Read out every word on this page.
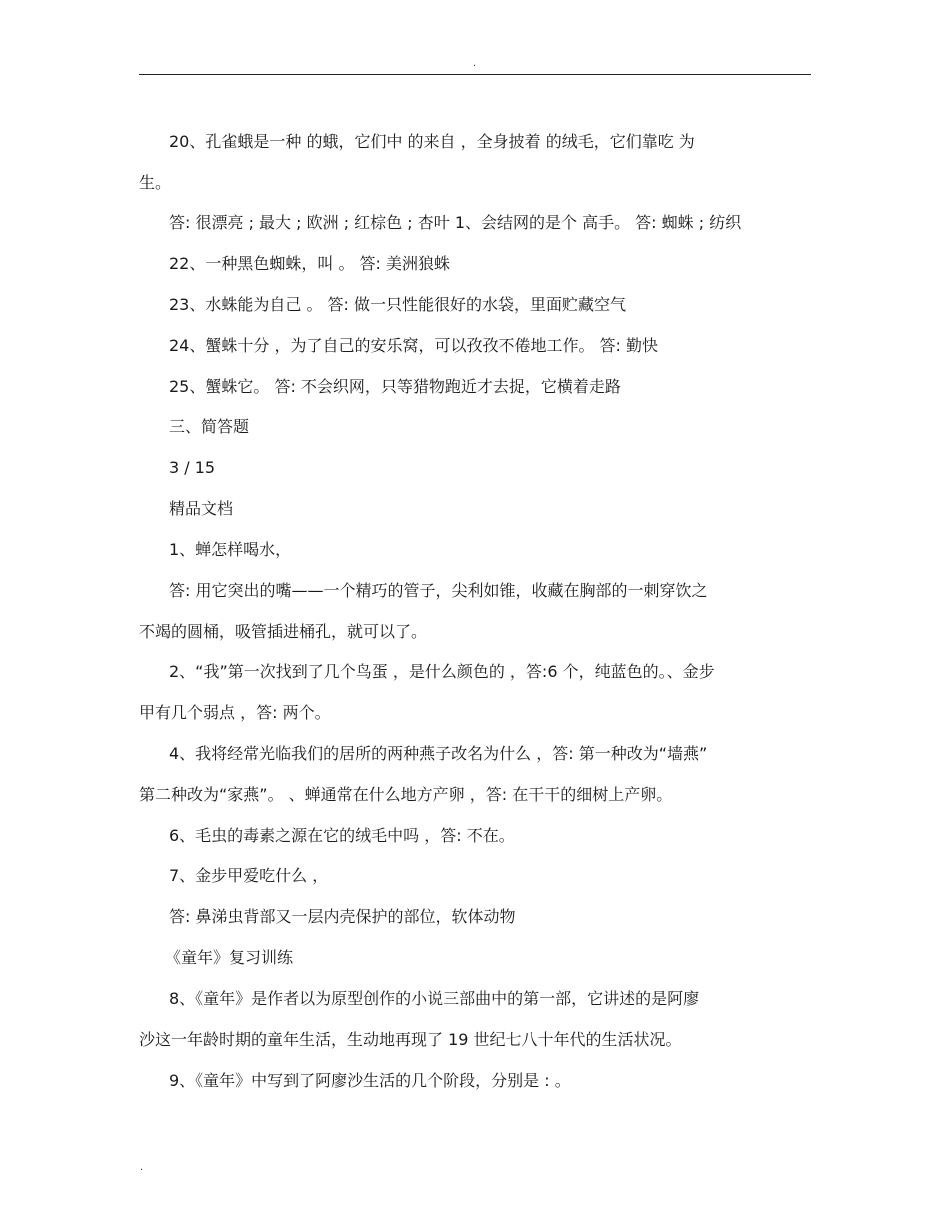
.
20、孔雀蛾是一种 的蛾，它们中 的来自 ，全身披着 的绒毛，它们靠吃 为
生。
答: 很漂亮 ; 最大 ; 欧洲 ; 红棕色 ; 杏叶 1、会结网的是个 高手。 答: 蜘蛛 ; 纺织
22、一种黑色蜘蛛，叫 。 答: 美洲狼蛛
23、水蛛能为自己 。 答: 做一只性能很好的水袋，里面贮藏空气
24、蟹蛛十分 ，为了自己的安乐窝，可以孜孜不倦地工作。 答: 勤快
25、蟹蛛它。 答: 不会织网，只等猎物跑近才去捉，它横着走路
三、简答题
3 / 15
精品文档
1、蝉怎样喝水，
答: 用它突出的嘴——一个精巧的管子，尖利如锥，收藏在胸部的一刺穿饮之
不竭的圆桶，吸管插进桶孔，就可以了。
2、“我”第一次找到了几个鸟蛋 ，是什么颜色的 ，答:6 个，纯蓝色的。、金步
甲有几个弱点 ，答: 两个。
4、我将经常光临我们的居所的两种燕子改名为什么 ，答: 第一种改为“墙燕”
第二种改为“家燕”。 、蝉通常在什么地方产卵 ，答: 在干干的细树上产卵。
6、毛虫的毒素之源在它的绒毛中吗 ，答: 不在。
7、金步甲爱吃什么 ，
答: 鼻涕虫背部又一层内壳保护的部位，软体动物
《童年》复习训练
8、《童年》是作者以为原型创作的小说三部曲中的第一部，它讲述的是阿廖
沙这一年龄时期的童年生活，生动地再现了 19 世纪七八十年代的生活状况。
9、《童年》中写到了阿廖沙生活的几个阶段，分别是 : 。
.
